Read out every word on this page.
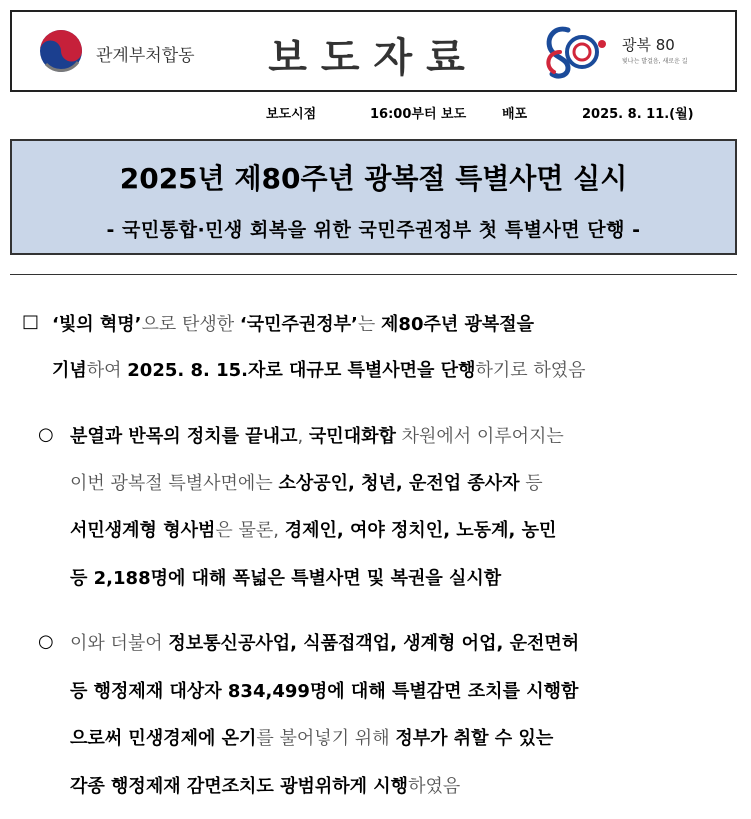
관계부처합동	보도자료	광복 80
빛나는 발걸음, 새로운 길
보도시점	16:00부터 보도	배포	2025. 8. 11.(월)
2025년 제80주년 광복절 특별사면 실시
- 국민통합·민생 회복을 위한 국민주권정부 첫 특별사면 단행 -
□ ‘빛의 혁명’으로 탄생한 ‘국민주권정부’는 제80주년 광복절을
기념하여 2025. 8. 15.자로 대규모 특별사면을 단행하기로 하였음
○ 분열과 반목의 정치를 끝내고, 국민대화합 차원에서 이루어지는
이번 광복절 특별사면에는 소상공인, 청년, 운전업 종사자 등
서민생계형 형사범은 물론, 경제인, 여야 정치인, 노동계, 농민
등 2,188명에 대해 폭넓은 특별사면 및 복권을 실시함
○ 이와 더불어 정보통신공사업, 식품접객업, 생계형 어업, 운전면허
등 행정제재 대상자 834,499명에 대해 특별감면 조치를 시행함
으로써 민생경제에 온기를 불어넣기 위해 정부가 취할 수 있는
각종 행정제재 감면조치도 광범위하게 시행하였음
